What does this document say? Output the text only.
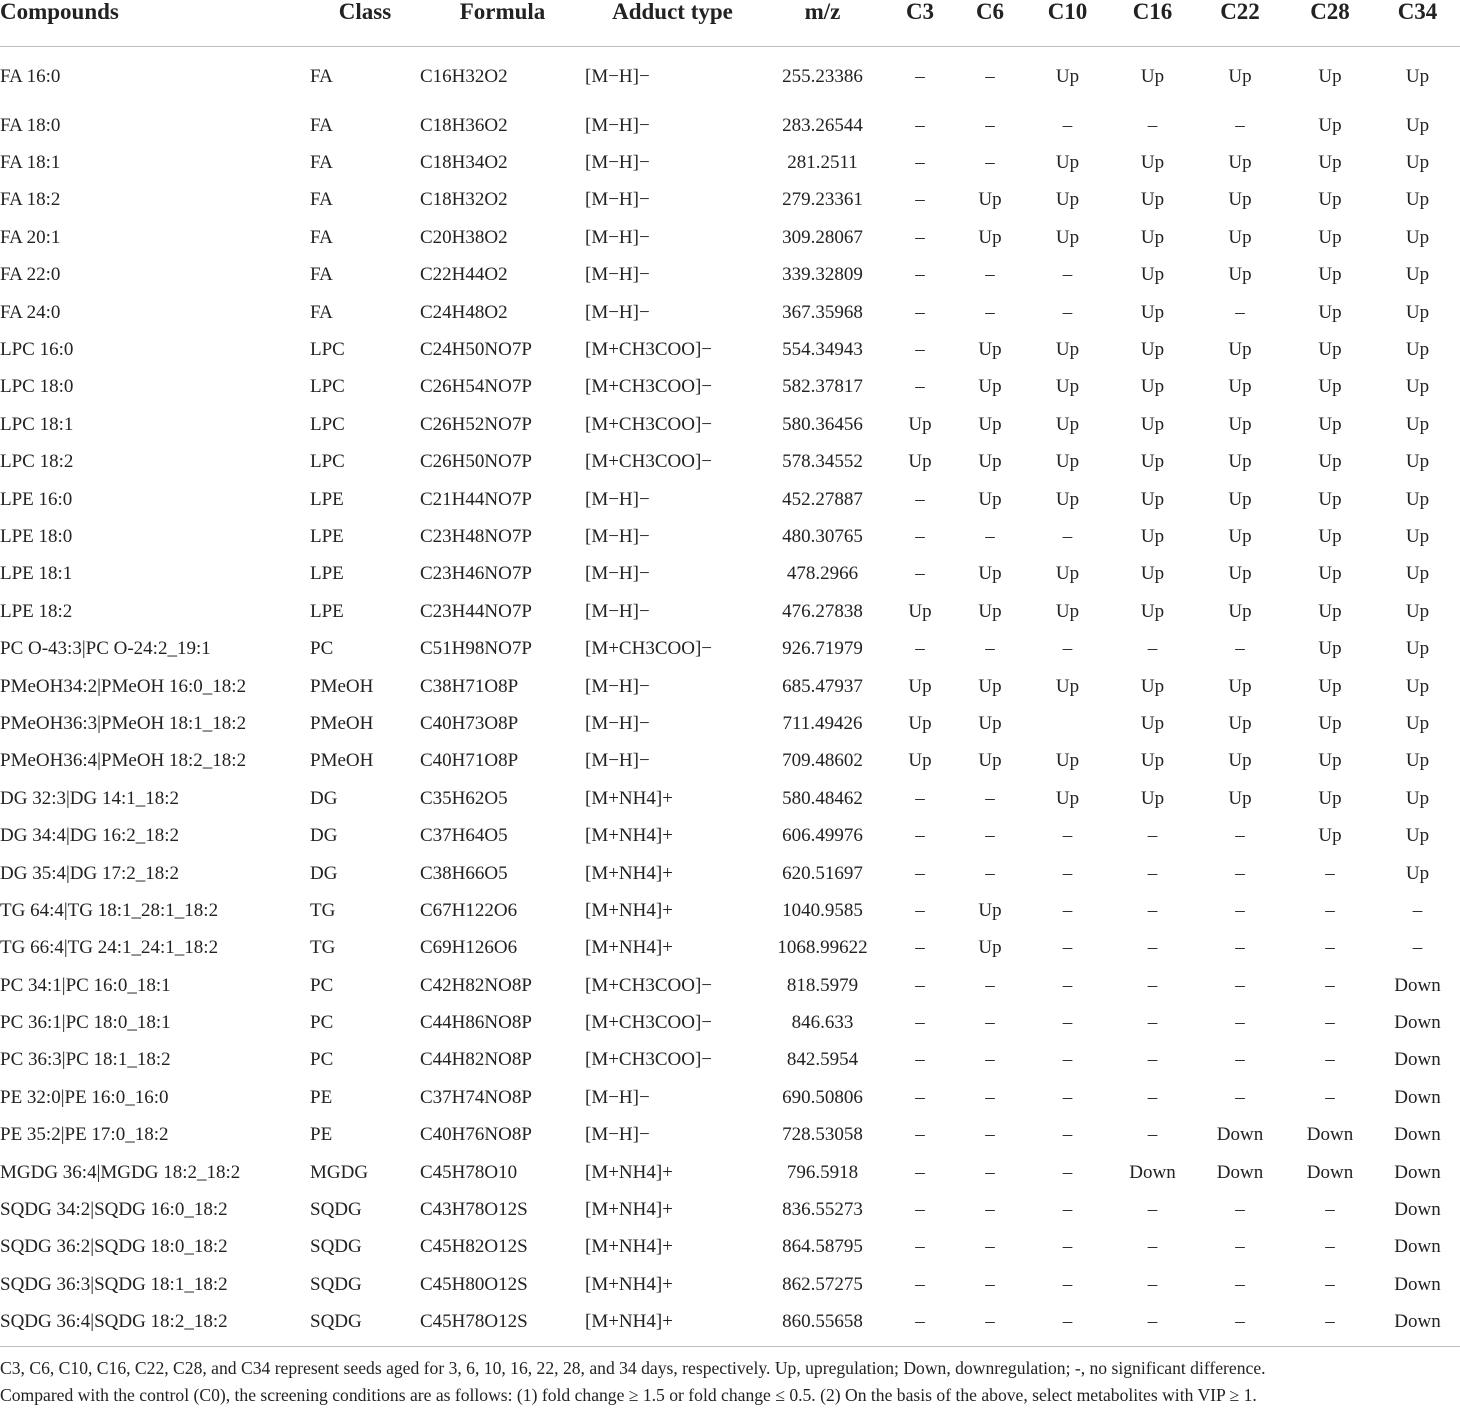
Compounds	Class	Formula	Adduct type	m/z	C3	C6	C10	C16	C22	C28	C34
FA 16:0	FA	C16H32O2	[M−H]−	255.23386	–	–	Up	Up	Up	Up	Up
FA 18:0	FA	C18H36O2	[M−H]−	283.26544	–	–	–	–	–	Up	Up
FA 18:1	FA	C18H34O2	[M−H]−	281.2511	–	–	Up	Up	Up	Up	Up
FA 18:2	FA	C18H32O2	[M−H]−	279.23361	–	Up	Up	Up	Up	Up	Up
FA 20:1	FA	C20H38O2	[M−H]−	309.28067	–	Up	Up	Up	Up	Up	Up
FA 22:0	FA	C22H44O2	[M−H]−	339.32809	–	–	–	Up	Up	Up	Up
FA 24:0	FA	C24H48O2	[M−H]−	367.35968	–	–	–	Up	–	Up	Up
LPC 16:0	LPC	C24H50NO7P	[M+CH3COO]−	554.34943	–	Up	Up	Up	Up	Up	Up
LPC 18:0	LPC	C26H54NO7P	[M+CH3COO]−	582.37817	–	Up	Up	Up	Up	Up	Up
LPC 18:1	LPC	C26H52NO7P	[M+CH3COO]−	580.36456	Up	Up	Up	Up	Up	Up	Up
LPC 18:2	LPC	C26H50NO7P	[M+CH3COO]−	578.34552	Up	Up	Up	Up	Up	Up	Up
LPE 16:0	LPE	C21H44NO7P	[M−H]−	452.27887	–	Up	Up	Up	Up	Up	Up
LPE 18:0	LPE	C23H48NO7P	[M−H]−	480.30765	–	–	–	Up	Up	Up	Up
LPE 18:1	LPE	C23H46NO7P	[M−H]−	478.2966	–	Up	Up	Up	Up	Up	Up
LPE 18:2	LPE	C23H44NO7P	[M−H]−	476.27838	Up	Up	Up	Up	Up	Up	Up
PC O-43:3|PC O-24:2_19:1	PC	C51H98NO7P	[M+CH3COO]−	926.71979	–	–	–	–	–	Up	Up
PMeOH34:2|PMeOH 16:0_18:2	PMeOH	C38H71O8P	[M−H]−	685.47937	Up	Up	Up	Up	Up	Up	Up
PMeOH36:3|PMeOH 18:1_18:2	PMeOH	C40H73O8P	[M−H]−	711.49426	Up	Up		Up	Up	Up	Up
PMeOH36:4|PMeOH 18:2_18:2	PMeOH	C40H71O8P	[M−H]−	709.48602	Up	Up	Up	Up	Up	Up	Up
DG 32:3|DG 14:1_18:2	DG	C35H62O5	[M+NH4]+	580.48462	–	–	Up	Up	Up	Up	Up
DG 34:4|DG 16:2_18:2	DG	C37H64O5	[M+NH4]+	606.49976	–	–	–	–	–	Up	Up
DG 35:4|DG 17:2_18:2	DG	C38H66O5	[M+NH4]+	620.51697	–	–	–	–	–	–	Up
TG 64:4|TG 18:1_28:1_18:2	TG	C67H122O6	[M+NH4]+	1040.9585	–	Up	–	–	–	–	–
TG 66:4|TG 24:1_24:1_18:2	TG	C69H126O6	[M+NH4]+	1068.99622	–	Up	–	–	–	–	–
PC 34:1|PC 16:0_18:1	PC	C42H82NO8P	[M+CH3COO]−	818.5979	–	–	–	–	–	–	Down
PC 36:1|PC 18:0_18:1	PC	C44H86NO8P	[M+CH3COO]−	846.633	–	–	–	–	–	–	Down
PC 36:3|PC 18:1_18:2	PC	C44H82NO8P	[M+CH3COO]−	842.5954	–	–	–	–	–	–	Down
PE 32:0|PE 16:0_16:0	PE	C37H74NO8P	[M−H]−	690.50806	–	–	–	–	–	–	Down
PE 35:2|PE 17:0_18:2	PE	C40H76NO8P	[M−H]−	728.53058	–	–	–	–	Down	Down	Down
MGDG 36:4|MGDG 18:2_18:2	MGDG	C45H78O10	[M+NH4]+	796.5918	–	–	–	Down	Down	Down	Down
SQDG 34:2|SQDG 16:0_18:2	SQDG	C43H78O12S	[M+NH4]+	836.55273	–	–	–	–	–	–	Down
SQDG 36:2|SQDG 18:0_18:2	SQDG	C45H82O12S	[M+NH4]+	864.58795	–	–	–	–	–	–	Down
SQDG 36:3|SQDG 18:1_18:2	SQDG	C45H80O12S	[M+NH4]+	862.57275	–	–	–	–	–	–	Down
SQDG 36:4|SQDG 18:2_18:2	SQDG	C45H78O12S	[M+NH4]+	860.55658	–	–	–	–	–	–	Down
C3, C6, C10, C16, C22, C28, and C34 represent seeds aged for 3, 6, 10, 16, 22, 28, and 34 days, respectively. Up, upregulation; Down, downregulation; -, no significant difference.
Compared with the control (C0), the screening conditions are as follows: (1) fold change ≥ 1.5 or fold change ≤ 0.5. (2) On the basis of the above, select metabolites with VIP ≥ 1.
